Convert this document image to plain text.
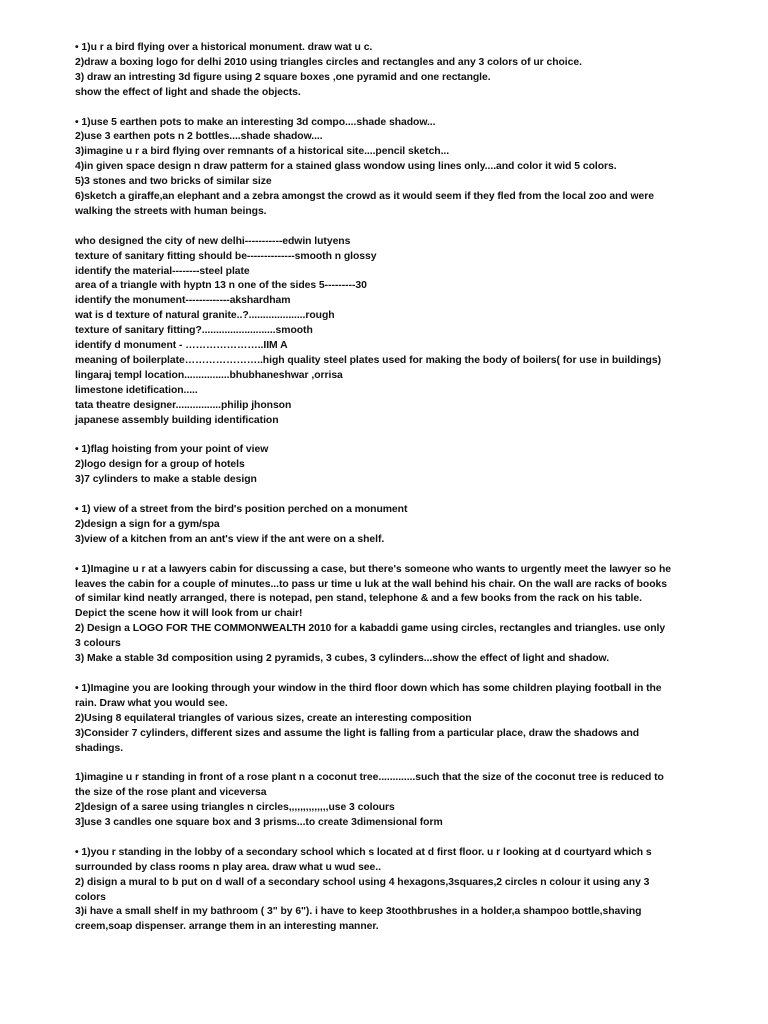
• 1)u r a bird flying over a historical monument. draw wat u c.
2)draw a boxing logo for delhi 2010 using triangles circles and rectangles and any 3 colors of ur choice.
3) draw an intresting 3d figure using 2 square boxes ,one pyramid and one rectangle.
show the effect of light and shade the objects.
• 1)use 5 earthen pots to make an interesting 3d compo....shade shadow...
2)use 3 earthen pots n 2 bottles....shade shadow....
3)imagine u r a bird flying over remnants of a historical site....pencil sketch...
4)in given space design n draw patterm for a stained glass wondow using lines only....and color it wid 5 colors.
5)3 stones and two bricks of similar size
6)sketch a giraffe,an elephant and a zebra amongst the crowd as it would seem if they fled from the local zoo and were
walking the streets with human beings.
who designed the city of new delhi-----------edwin lutyens
texture of sanitary fitting should be--------------smooth n glossy
identify the material--------steel plate
area of a triangle with hyptn 13 n one of the sides 5---------30
identify the monument-------------akshardham
wat is d texture of natural granite..?....................rough
texture of sanitary fitting?..........................smooth
identify d monument - …………………..IIM A
meaning of boilerplate…………………..high quality steel plates used for making the body of boilers( for use in buildings)
lingaraj templ location................bhubhaneshwar ,orrisa
limestone idetification.....
tata theatre designer................philip jhonson
japanese assembly building identification
• 1)flag hoisting from your point of view
2)logo design for a group of hotels
3)7 cylinders to make a stable design
• 1) view of a street from the bird's position perched on a monument
2)design a sign for a gym/spa
3)view of a kitchen from an ant's view if the ant were on a shelf.
• 1)Imagine u r at a lawyers cabin for discussing a case, but there's someone who wants to urgently meet the lawyer so he
leaves the cabin for a couple of minutes...to pass ur time u luk at the wall behind his chair. On the wall are racks of books
of similar kind neatly arranged, there is notepad, pen stand, telephone & and a few books from the rack on his table.
Depict the scene how it will look from ur chair!
2) Design a LOGO FOR THE COMMONWEALTH 2010 for a kabaddi game using circles, rectangles and triangles. use only
3 colours
3) Make a stable 3d composition using 2 pyramids, 3 cubes, 3 cylinders...show the effect of light and shadow.
• 1)Imagine you are looking through your window in the third floor down which has some children playing football in the
rain. Draw what you would see.
2)Using 8 equilateral triangles of various sizes, create an interesting composition
3)Consider 7 cylinders, different sizes and assume the light is falling from a particular place, draw the shadows and
shadings.
1)imagine u r standing in front of a rose plant n a coconut tree.............such that the size of the coconut tree is reduced to
the size of the rose plant and viceversa
2]design of a saree using triangles n circles,,,,,,,,,,,,,,use 3 colours
3]use 3 candles one square box and 3 prisms...to create 3dimensional form
• 1)you r standing in the lobby of a secondary school which s located at d first floor. u r looking at d courtyard which s
surrounded by class rooms n play area. draw what u wud see..
2) disign a mural to b put on d wall of a secondary school using 4 hexagons,3squares,2 circles n colour it using any 3
colors
3)i have a small shelf in my bathroom ( 3" by 6"). i have to keep 3toothbrushes in a holder,a shampoo bottle,shaving
creem,soap dispenser. arrange them in an interesting manner.
